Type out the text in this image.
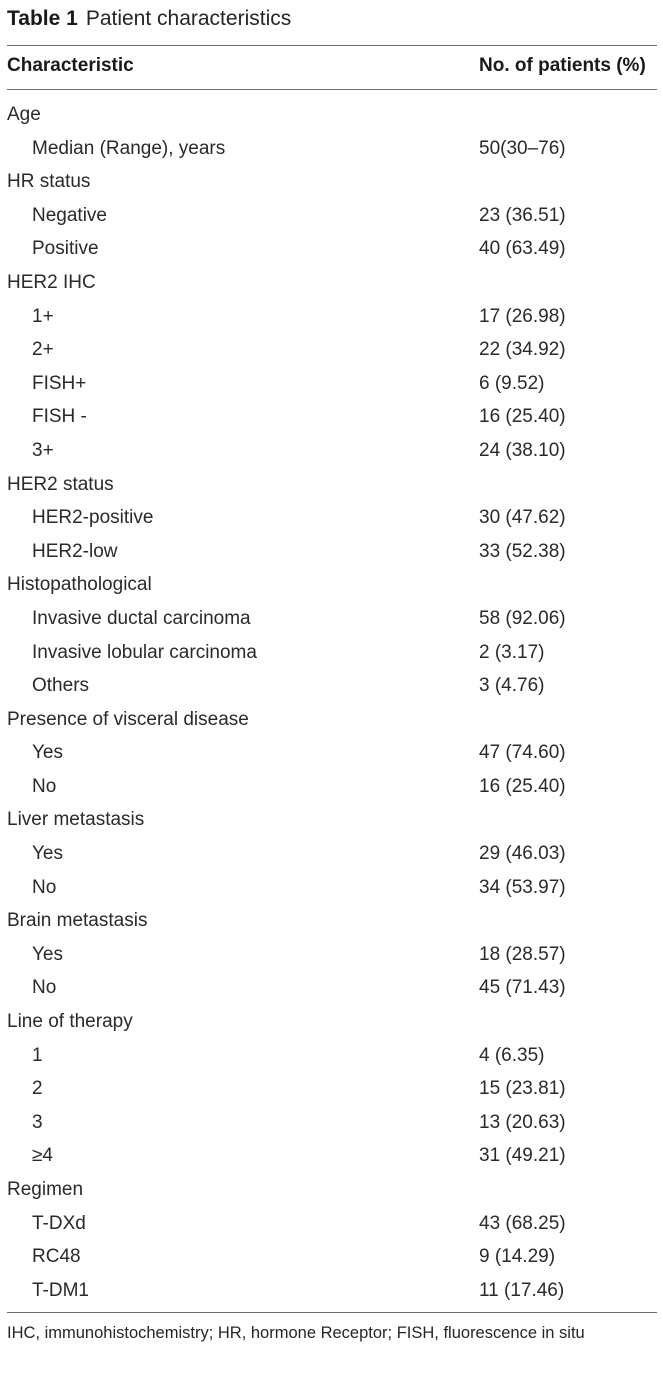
Table 1 Patient characteristics
Characteristic	No. of patients (%)
Age
Median (Range), years	50(30–76)
HR status
Negative	23 (36.51)
Positive	40 (63.49)
HER2 IHC
1+	17 (26.98)
2+	22 (34.92)
FISH+	6 (9.52)
FISH -	16 (25.40)
3+	24 (38.10)
HER2 status
HER2-positive	30 (47.62)
HER2-low	33 (52.38)
Histopathological
Invasive ductal carcinoma	58 (92.06)
Invasive lobular carcinoma	2 (3.17)
Others	3 (4.76)
Presence of visceral disease
Yes	47 (74.60)
No	16 (25.40)
Liver metastasis
Yes	29 (46.03)
No	34 (53.97)
Brain metastasis
Yes	18 (28.57)
No	45 (71.43)
Line of therapy
1	4 (6.35)
2	15 (23.81)
3	13 (20.63)
≥4	31 (49.21)
Regimen
T-DXd	43 (68.25)
RC48	9 (14.29)
T-DM1	11 (17.46)
IHC, immunohistochemistry; HR, hormone Receptor; FISH, fluorescence in situ
